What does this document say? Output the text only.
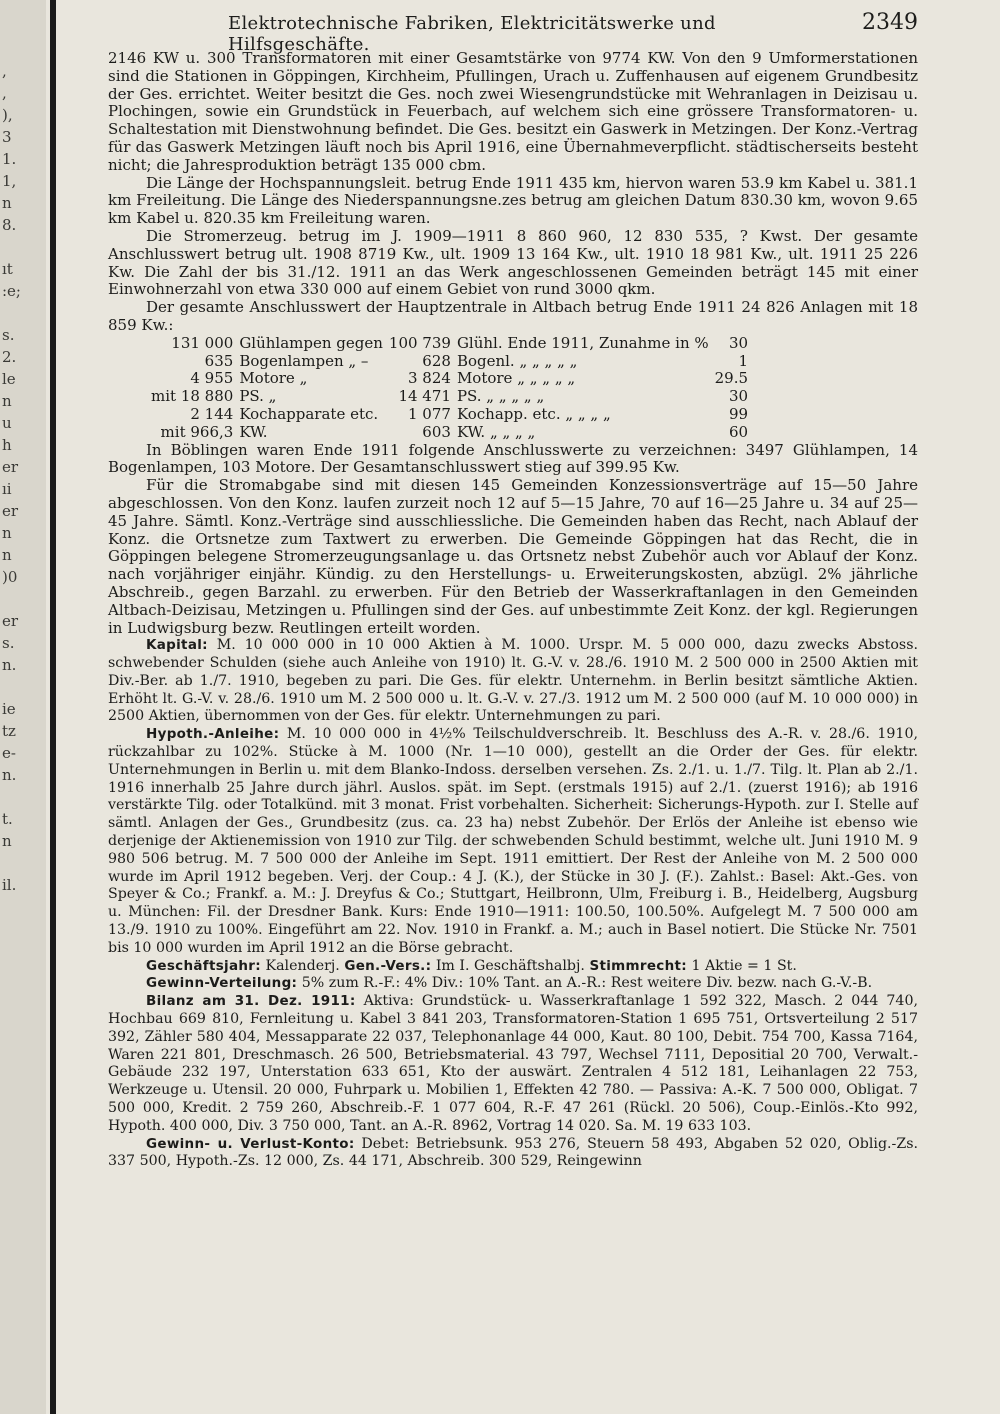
,
,
),
3
1.
1,
n
8.

ıt
:e;

s.
2.
le
n
u
h
er
ıi
er
n
n
)0

er
s.
n.

ie
tz
e-
n.

t.
n

il.

Elektrotechnische Fabriken, Elektricitätswerke und Hilfsgeschäfte.
2349

2146 KW u. 300 Transformatoren mit einer Gesamtstärke von 9774 KW. Von den 9 Umformerstationen sind die Stationen in Göppingen, Kirchheim, Pfullingen, Urach u. Zuffenhausen auf eigenem Grundbesitz der Ges. errichtet. Weiter besitzt die Ges. noch zwei Wiesengrundstücke mit Wehranlagen in Deizisau u. Plochingen, sowie ein Grundstück in Feuerbach, auf welchem sich eine grössere Transformatoren- u. Schaltestation mit Dienstwohnung befindet. Die Ges. besitzt ein Gaswerk in Metzingen. Der Konz.-Vertrag für das Gaswerk Metzingen läuft noch bis April 1916, eine Übernahmeverpflicht. städtischerseits besteht nicht; die Jahresproduktion beträgt 135 000 cbm.

Die Länge der Hochspannungsleit. betrug Ende 1911 435 km, hiervon waren 53.9 km Kabel u. 381.1 km Freileitung. Die Länge des Niederspannungsne.zes betrug am gleichen Datum 830.30 km, wovon 9.65 km Kabel u. 820.35 km Freileitung waren.

Die Stromerzeug. betrug im J. 1909—1911 8 860 960, 12 830 535, ? Kwst. Der gesamte Anschlusswert betrug ult. 1908 8719 Kw., ult. 1909 13 164 Kw., ult. 1910 18 981 Kw., ult. 1911 25 226 Kw. Die Zahl der bis 31./12. 1911 an das Werk angeschlossenen Gemeinden beträgt 145 mit einer Einwohnerzahl von etwa 330 000 auf einem Gebiet von rund 3000 qkm.

Der gesamte Anschlusswert der Hauptzentrale in Altbach betrug Ende 1911 24 826 Anlagen mit 18 859 Kw.:

131 000	Glühlampen gegen	100 739	Glühl. Ende 1911, Zunahme in %	30
635	Bogenlampen „ –	628	Bogenl. „ „ „ „ „	1
4 955	Motore „	3 824	Motore „ „ „ „ „	29.5
mit 18 880	PS. „	14 471	PS. „ „ „ „ „	30
2 144	Kochapparate etc.	1 077	Kochapp. etc. „ „ „ „	99
mit 966,3	KW.	603	KW. „ „ „ „	60

In Böblingen waren Ende 1911 folgende Anschlusswerte zu verzeichnen: 3497 Glühlampen, 14 Bogenlampen, 103 Motore. Der Gesamtanschlusswert stieg auf 399.95 Kw.

Für die Stromabgabe sind mit diesen 145 Gemeinden Konzessionsverträge auf 15—50 Jahre abgeschlossen. Von den Konz. laufen zurzeit noch 12 auf 5—15 Jahre, 70 auf 16—25 Jahre u. 34 auf 25—45 Jahre. Sämtl. Konz.-Verträge sind ausschliessliche. Die Gemeinden haben das Recht, nach Ablauf der Konz. die Ortsnetze zum Taxtwert zu erwerben. Die Gemeinde Göppingen hat das Recht, die in Göppingen belegene Stromerzeugungsanlage u. das Ortsnetz nebst Zubehör auch vor Ablauf der Konz. nach vorjähriger einjähr. Kündig. zu den Herstellungs- u. Erweiterungskosten, abzügl. 2% jährliche Abschreib., gegen Barzahl. zu erwerben. Für den Betrieb der Wasserkraftanlagen in den Gemeinden Altbach-Deizisau, Metzingen u. Pfullingen sind der Ges. auf unbestimmte Zeit Konz. der kgl. Regierungen in Ludwigsburg bezw. Reutlingen erteilt worden.

Kapital: M. 10 000 000 in 10 000 Aktien à M. 1000. Urspr. M. 5 000 000, dazu zwecks Abstoss. schwebender Schulden (siehe auch Anleihe von 1910) lt. G.-V. v. 28./6. 1910 M. 2 500 000 in 2500 Aktien mit Div.-Ber. ab 1./7. 1910, begeben zu pari. Die Ges. für elektr. Unternehm. in Berlin besitzt sämtliche Aktien. Erhöht lt. G.-V. v. 28./6. 1910 um M. 2 500 000 u. lt. G.-V. v. 27./3. 1912 um M. 2 500 000 (auf M. 10 000 000) in 2500 Aktien, übernommen von der Ges. für elektr. Unternehmungen zu pari.

Hypoth.-Anleihe: M. 10 000 000 in 4½% Teilschuldverschreib. lt. Beschluss des A.-R. v. 28./6. 1910, rückzahlbar zu 102%. Stücke à M. 1000 (Nr. 1—10 000), gestellt an die Order der Ges. für elektr. Unternehmungen in Berlin u. mit dem Blanko-Indoss. derselben versehen. Zs. 2./1. u. 1./7. Tilg. lt. Plan ab 2./1. 1916 innerhalb 25 Jahre durch jährl. Auslos. spät. im Sept. (erstmals 1915) auf 2./1. (zuerst 1916); ab 1916 verstärkte Tilg. oder Totalkünd. mit 3 monat. Frist vorbehalten. Sicherheit: Sicherungs-Hypoth. zur I. Stelle auf sämtl. Anlagen der Ges., Grundbesitz (zus. ca. 23 ha) nebst Zubehör. Der Erlös der Anleihe ist ebenso wie derjenige der Aktienemission von 1910 zur Tilg. der schwebenden Schuld bestimmt, welche ult. Juni 1910 M. 9 980 506 betrug. M. 7 500 000 der Anleihe im Sept. 1911 emittiert. Der Rest der Anleihe von M. 2 500 000 wurde im April 1912 begeben. Verj. der Coup.: 4 J. (K.), der Stücke in 30 J. (F.). Zahlst.: Basel: Akt.-Ges. von Speyer & Co.; Frankf. a. M.: J. Dreyfus & Co.; Stuttgart, Heilbronn, Ulm, Freiburg i. B., Heidelberg, Augsburg u. München: Fil. der Dresdner Bank. Kurs: Ende 1910—1911: 100.50, 100.50%. Aufgelegt M. 7 500 000 am 13./9. 1910 zu 100%. Eingeführt am 22. Nov. 1910 in Frankf. a. M.; auch in Basel notiert. Die Stücke Nr. 7501 bis 10 000 wurden im April 1912 an die Börse gebracht.

Geschäftsjahr: Kalenderj. Gen.-Vers.: Im I. Geschäftshalbj. Stimmrecht: 1 Aktie = 1 St.

Gewinn-Verteilung: 5% zum R.-F.: 4% Div.: 10% Tant. an A.-R.: Rest weitere Div. bezw. nach G.-V.-B.

Bilanz am 31. Dez. 1911: Aktiva: Grundstück- u. Wasserkraftanlage 1 592 322, Masch. 2 044 740, Hochbau 669 810, Fernleitung u. Kabel 3 841 203, Transformatoren-Station 1 695 751, Ortsverteilung 2 517 392, Zähler 580 404, Messapparate 22 037, Telephonanlage 44 000, Kaut. 80 100, Debit. 754 700, Kassa 7164, Waren 221 801, Dreschmasch. 26 500, Betriebsmaterial. 43 797, Wechsel 7111, Depositial 20 700, Verwalt.-Gebäude 232 197, Unterstation 633 651, Kto der auswärt. Zentralen 4 512 181, Leihanlagen 22 753, Werkzeuge u. Utensil. 20 000, Fuhrpark u. Mobilien 1, Effekten 42 780. — Passiva: A.-K. 7 500 000, Obligat. 7 500 000, Kredit. 2 759 260, Abschreib.-F. 1 077 604, R.-F. 47 261 (Rückl. 20 506), Coup.-Einlös.-Kto 992, Hypoth. 400 000, Div. 3 750 000, Tant. an A.-R. 8962, Vortrag 14 020. Sa. M. 19 633 103.

Gewinn- u. Verlust-Konto: Debet: Betriebsunk. 953 276, Steuern 58 493, Abgaben 52 020, Oblig.-Zs. 337 500, Hypoth.-Zs. 12 000, Zs. 44 171, Abschreib. 300 529, Reingewinn
